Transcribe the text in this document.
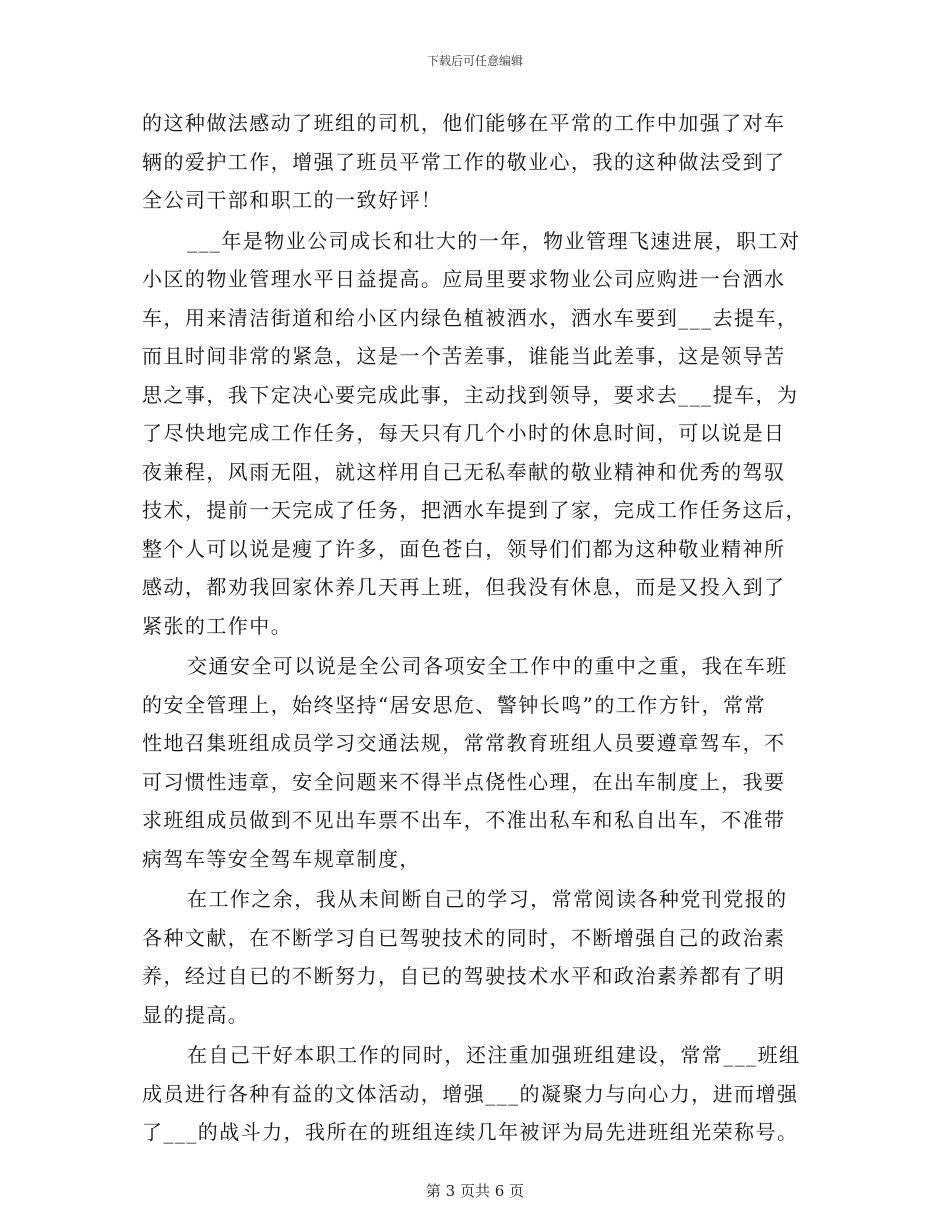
下载后可任意编辑

的这种做法感动了班组的司机，他们能够在平常的工作中加强了对车
辆的爱护工作，增强了班员平常工作的敬业心，我的这种做法受到了
全公司干部和职工的一致好评！

___年是物业公司成长和壮大的一年，物业管理飞速进展，职工对
小区的物业管理水平日益提高。应局里要求物业公司应购进一台洒水
车，用来清洁街道和给小区内绿色植被洒水，洒水车要到___去提车，
而且时间非常的紧急，这是一个苦差事，谁能当此差事，这是领导苦
思之事，我下定决心要完成此事，主动找到领导，要求去___提车，为
了尽快地完成工作任务，每天只有几个小时的休息时间，可以说是日
夜兼程，风雨无阻，就这样用自己无私奉献的敬业精神和优秀的驾驭
技术，提前一天完成了任务，把洒水车提到了家，完成工作任务这后，
整个人可以说是瘦了许多，面色苍白，领导们们都为这种敬业精神所
感动，都劝我回家休养几天再上班，但我没有休息，而是又投入到了
紧张的工作中。

交通安全可以说是全公司各项安全工作中的重中之重，我在车班
的安全管理上，始终坚持“居安思危、警钟长鸣”的工作方针，常常
性地召集班组成员学习交通法规，常常教育班组人员要遵章驾车，不
可习惯性违章，安全问题来不得半点侥性心理，在出车制度上，我要
求班组成员做到不见出车票不出车，不准出私车和私自出车，不准带
病驾车等安全驾车规章制度，

在工作之余，我从未间断自己的学习，常常阅读各种党刊党报的
各种文献，在不断学习自已驾驶技术的同时，不断增强自己的政治素
养，经过自已的不断努力，自已的驾驶技术水平和政治素养都有了明
显的提高。

在自己干好本职工作的同时，还注重加强班组建设，常常___班组
成员进行各种有益的文体活动，增强___的凝聚力与向心力，进而增强
了___的战斗力，我所在的班组连续几年被评为局先进班组光荣称号。

第 3 页共 6 页
